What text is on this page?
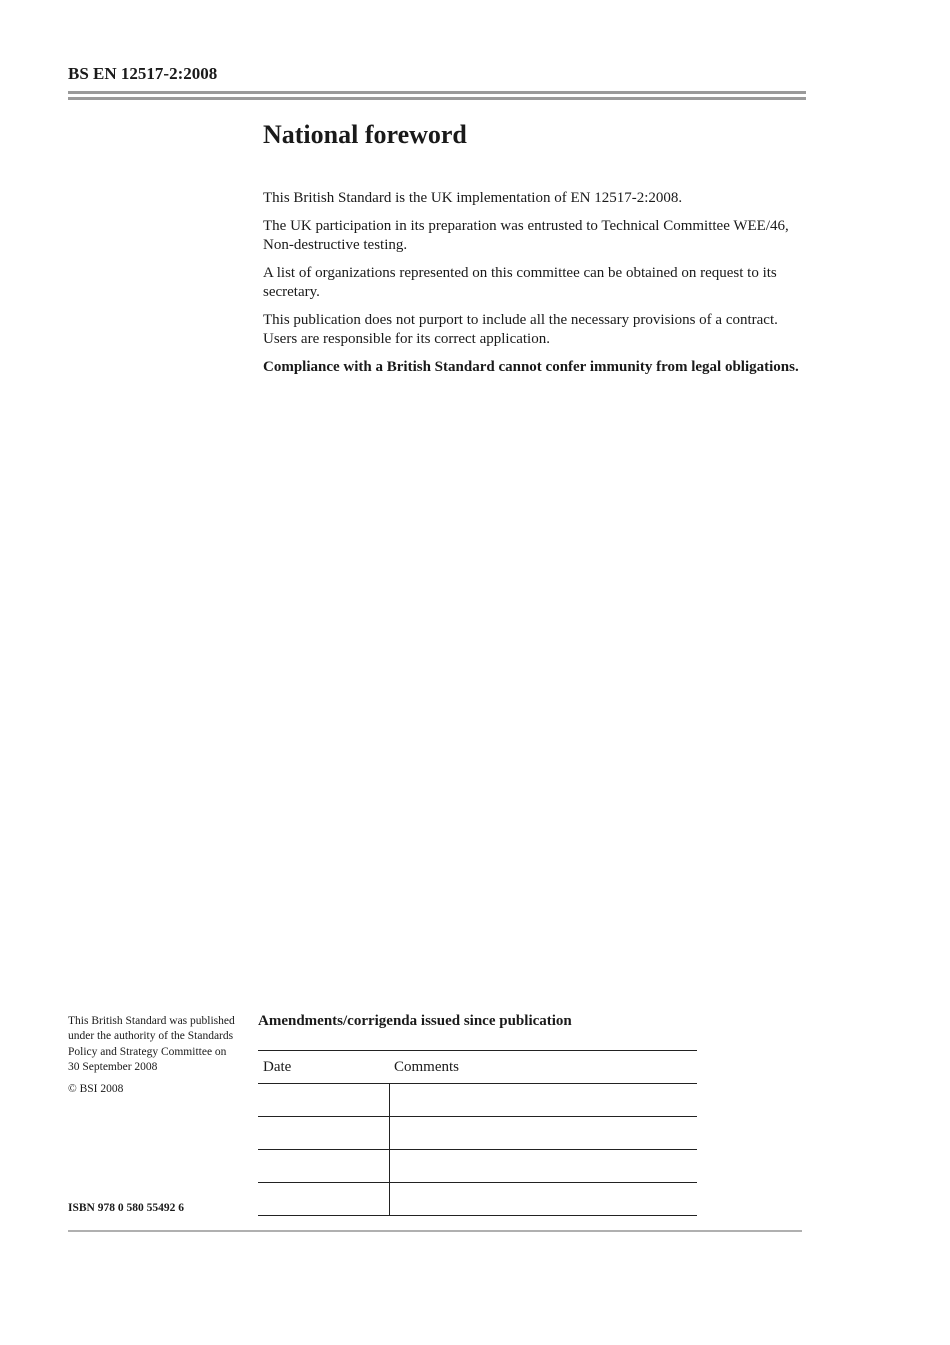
BS EN 12517-2:2008
National foreword

This British Standard is the UK implementation of EN 12517-2:2008.

The UK participation in its preparation was entrusted to Technical Committee WEE/46, Non-destructive testing.

A list of organizations represented on this committee can be obtained on request to its secretary.

This publication does not purport to include all the necessary provisions of a contract. Users are responsible for its correct application.

Compliance with a British Standard cannot confer immunity from legal obligations.

This British Standard was published under the authority of the Standards Policy and Strategy Committee on 30 September 2008

© BSI 2008

ISBN 978 0 580 55492 6

Amendments/corrigenda issued since publication
Date	Comments
